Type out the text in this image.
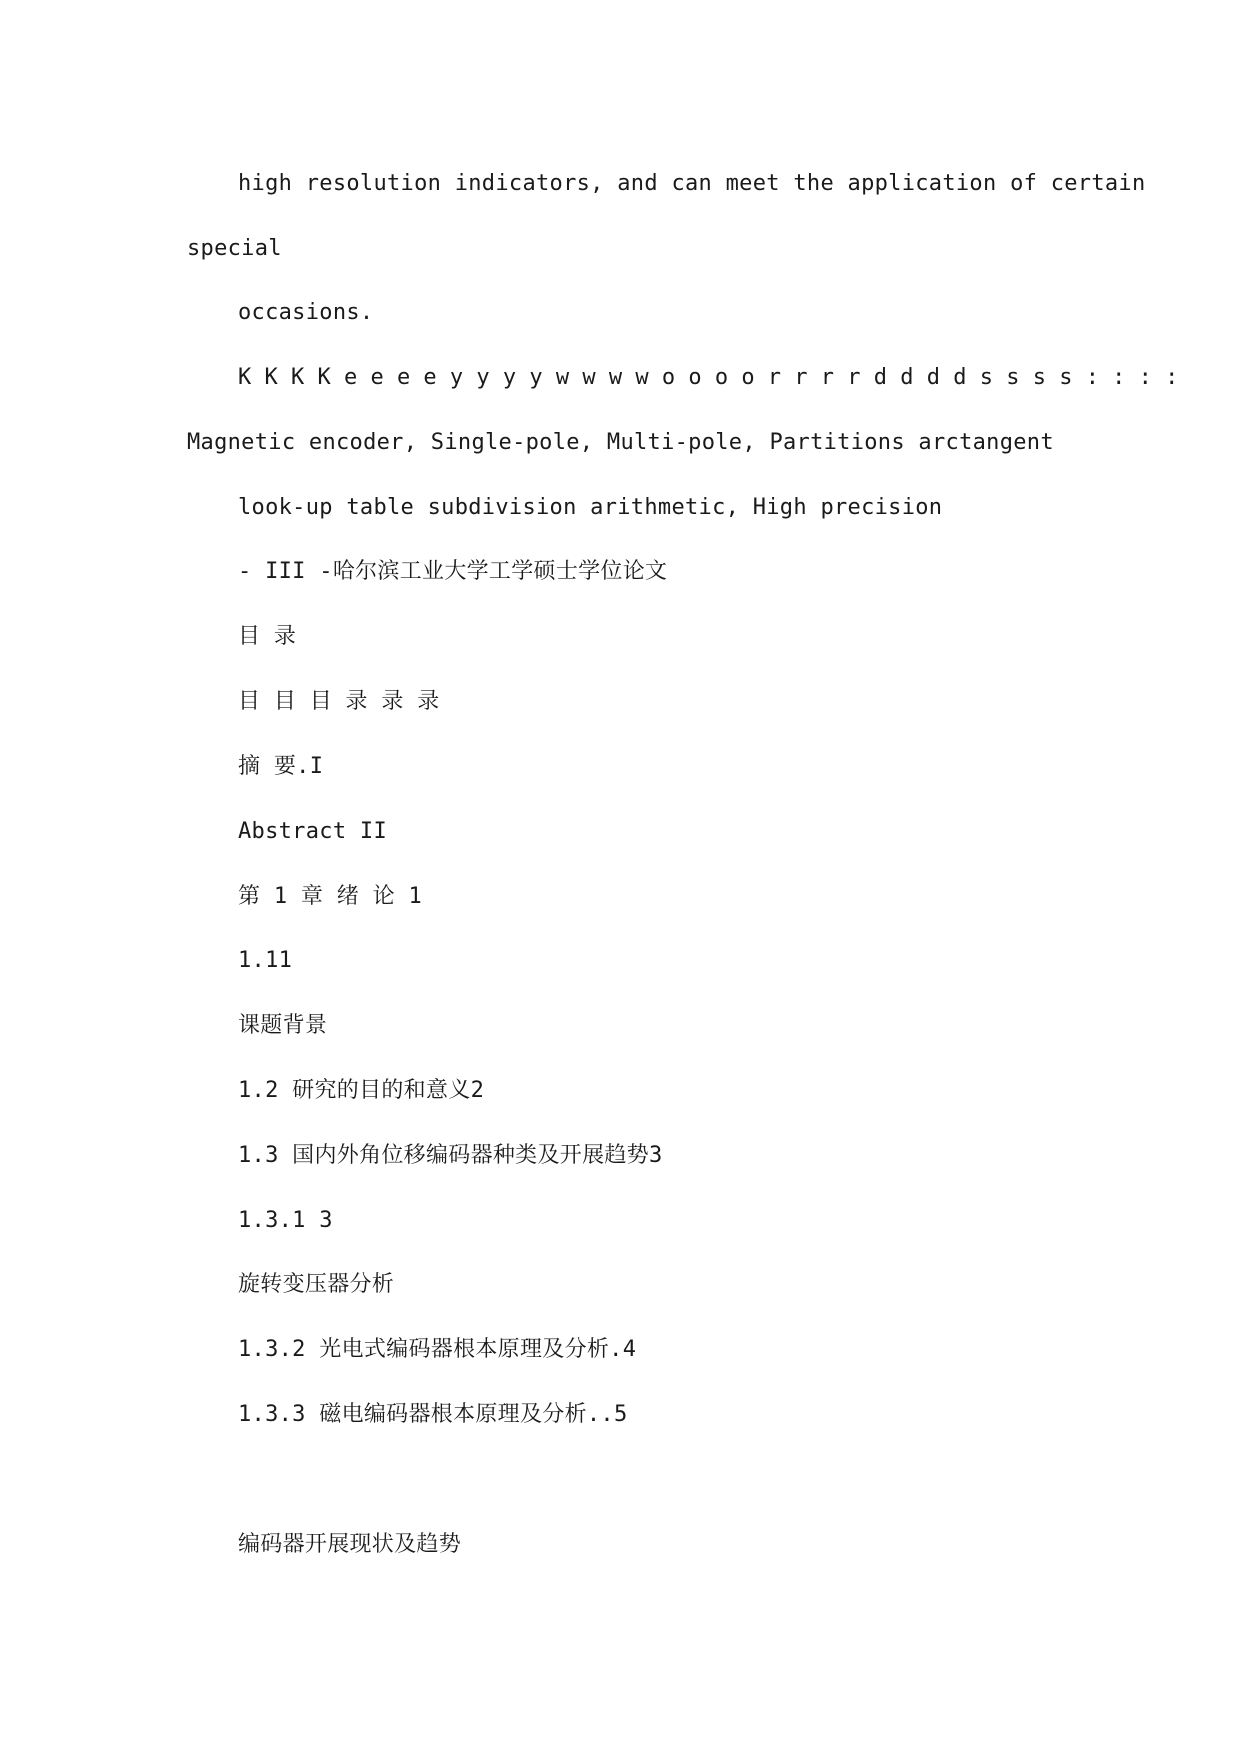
high resolution indicators, and can meet the application of certain
special
occasions.
K K K K e e e e y y y y w w w w o o o o r r r r d d d d s s s s : : : :
Magnetic encoder, Single-pole, Multi-pole, Partitions arctangent
look-up table subdivision arithmetic, High precision
- III -哈尔滨工业大学工学硕士学位论文
目 录
目 目 目 录 录 录
摘 要.I
Abstract II
第 1 章 绪 论 1
1.11
课题背景
1.2 研究的目的和意义2
1.3 国内外角位移编码器种类及开展趋势3
1.3.1 3
旋转变压器分析
1.3.2 光电式编码器根本原理及分析.4
1.3.3 磁电编码器根本原理及分析..5
编码器开展现状及趋势
